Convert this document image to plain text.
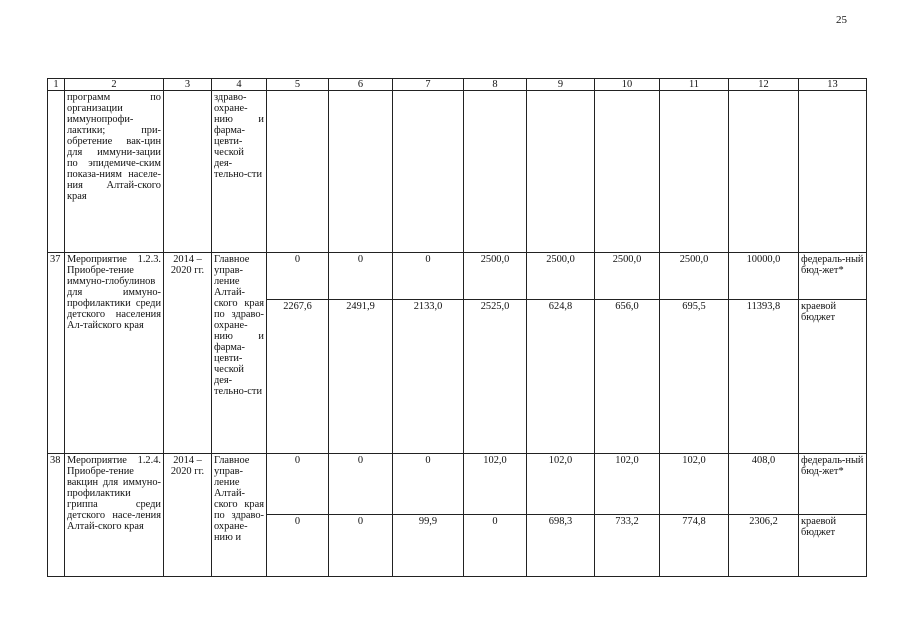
25
1	2	3	4	5	6	7	8	9	10	11	12	13
	программ по организации иммунопрофи-лактики; при-обретение вак-цин для иммуни-зации по эпидемиче-ским показа-ниям населе-ния Алтай-ского края		здраво-охране-нию и фарма-цевти-ческой дея-тельно-сти									
37	Мероприятие 1.2.3. Приобре-тение иммуно-глобулинов для иммуно-профилактики среди детского населения Ал-тайского края	2014 – 2020 гг.	Главное управ-ление Алтай-ского края по здраво-охране-нию и фарма-цевти-ческой дея-тельно-сти	0	0	0	2500,0	2500,0	2500,0	2500,0	10000,0	федераль-ный бюд-жет*
				2267,6	2491,9	2133,0	2525,0	624,8	656,0	695,5	11393,8	краевой бюджет
38	Мероприятие 1.2.4. Приобре-тение вакцин для иммуно-профилактики гриппа среди детского насе-ления Алтай-ского края	2014 – 2020 гг.	Главное управ-ление Алтай-ского края по здраво-охране-нию и	0	0	0	102,0	102,0	102,0	102,0	408,0	федераль-ный бюд-жет*
				0	0	99,9	0	698,3	733,2	774,8	2306,2	краевой бюджет
